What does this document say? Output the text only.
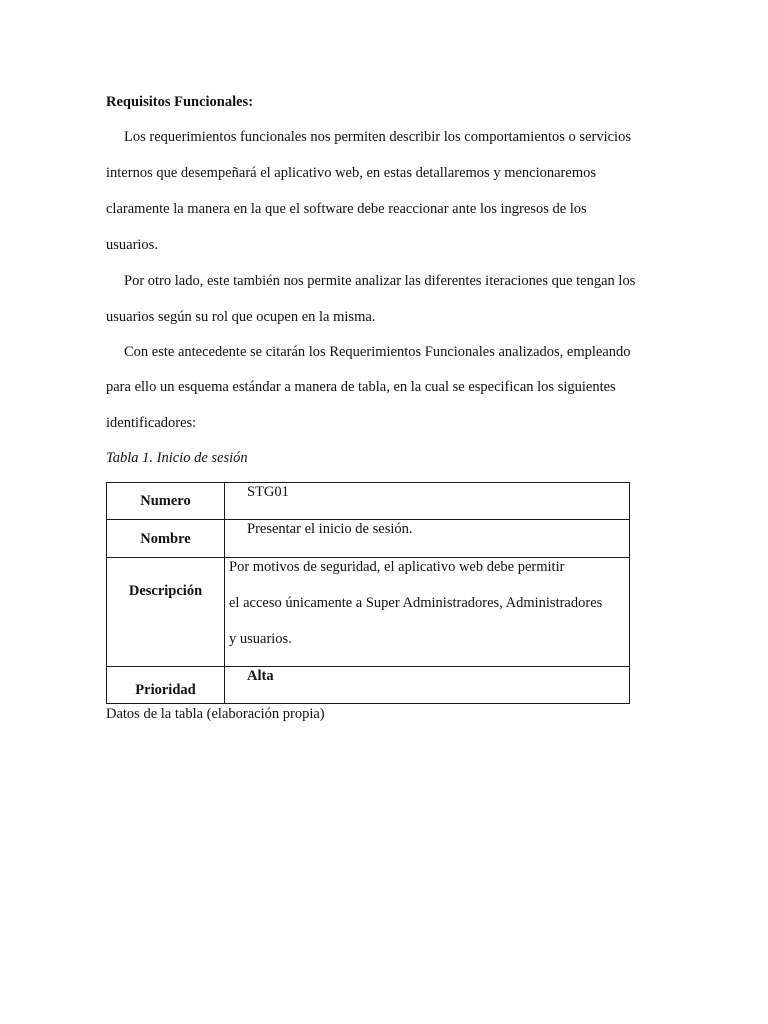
Requisitos Funcionales:
Los requerimientos funcionales nos permiten describir los comportamientos o servicios
internos que desempeñará el aplicativo web, en estas detallaremos y mencionaremos
claramente la manera en la que el software debe reaccionar ante los ingresos de los
usuarios.
Por otro lado, este también nos permite analizar las diferentes iteraciones que tengan los
usuarios según su rol que ocupen en la misma.
Con este antecedente se citarán los Requerimientos Funcionales analizados, empleando
para ello un esquema estándar a manera de tabla, en la cual se especifican los siguientes
identificadores:
Tabla 1. Inicio de sesión
Numero	STG01

Nombre	Presentar el inicio de sesión.

Descripción	Por motivos de seguridad, el aplicativo web debe permitir
el acceso únicamente a Super Administradores, Administradores
y usuarios.

Prioridad	Alta
Datos de la tabla (elaboración propia)
